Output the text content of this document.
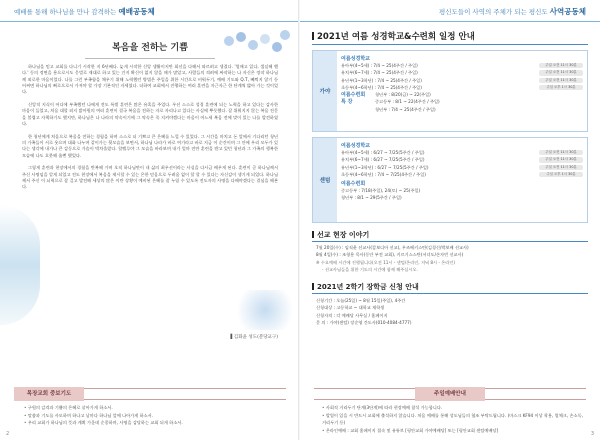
예배를 통해 하나님을 만나 감격하는 예배공동체
복음을 전하는 기쁨

하나님을 믿고 교회를 다니기 시작한 지 6년째다. 늦게 시작한 신앙 생활이지만 회선을 다해서 따르려고 생겼다. '열매고 읽다, 셀실해 했다.' 동의 정면을 용으로시도 웅벌로 재대로 하고 있는 건지 확신이 없지 않을 때가 많았고, 사람들의 격려에 짜작하는 나 자신은 정작 하나님께 외로한 마음이었다. 나를 그런 부족함을 채우기 위해 노력했던 방법은 주일을 위한 시간으로 비워두기, 예배 기도와 Q.T, 빼먹지 않기 등 어쩌면 하나님의 뻐로으로서 가져야 할 가장 기본적인 자세였다. 더하여 교회에서 진행하는 여러 훈련을 자근자근 한 단계씩 밟아 가는 것이었다.

신앙적 지식이 어디에 부족했던 나에게 전도 특별 훈련은 많은 유혹을 주었다. 우선 스스로 성경 훈련에 되는 노력을 하고 있다는 감사한 마음이 들었고, 처음 대할 외지 밝아원의 여러 훈련이 결국 복음을 전하는 자로 자리나고 있다는 사실에 뿌듯했다. 잘 위워지지 않는 복음 전문을 불렵고 자책하기도 했지만, 하나님은 나 나라의 약속이기에 그 약속은 꼭 지켜야겠다는 마음이 어느새 복음 전에 맞이 있는 나를 발견하였다.

한 청년에게 처음으로 복음을 전하는 경험을 하며 스스로 더 기쁘고 큰 은혜를 느낄 수 있었다. 그 시간을 마치고 돈 앞에서 기다리던 청년의 가족들이 서로 웃으며 대화 나누며 같이가는 뒷모습을 보면서, 하나님 나라가 바로 여기라고 바로 지금 이 순간이며 그 안에 우리 모두가 있다는 생각에 내가나 큰 감동으로 가슴이 벅차올랐다. 할렐루야 그 모습을 바라보며 내가 얼마 전만 훈련을 받고 있던 청년과 그 가족의 행복한 모습에 나도 흐뭇해 울뻔 했었다.

그렇게 훈련과 현장에서의 경험을 반복해 가며 오직 하나님만이 내 삶의 최우선이라는 사실을 다시금 배우게 된다. 훈련이 곧 하나님께서 주신 사명임을 알게 되었고 전도 현장에서 복음을 제시할 수 있는 은한 믿음으로 두려움 없이 할 할 수 있다는 자신감이 생기게 되었다. 하나님께서 주신 이 뇌력으로 잘 걸고 발전해 세상의 많은 이란 상황이 예비된 은혜를 잘 누릴 수 있도록 전도자의 사명을 다해야겠다는 결심을 해본다.

▌김화윤 성도(분당교구)
목장교회 중보기도
• 구원의 감격과 기쁨의 은혜로 살아가게 하소서.
• 말씀과 기도를 사모하며 하나고 날마다 하나님 앞에 나아가게 하소서.
• 우리 교회가 하나님의 뜻과 계획 가운데 순종하며, 사명을 감당하는 교회 되게 하소서.
2
평신도들이 사역의 주체가 되는 평신도 사역공동체
2021년 여름 성경학교&수련회 일정 안내
가야
여름성경학교
유아부(4~5세) : 7/4 ~ 25(4주간 / 주일)	주일 오전 11시 30분
유치부(6~7세) : 7/4 ~ 25(4주간 / 주일)	주일 오전 11시 30분
유년부(1~3학년) : 7/4 ~ 25(4주간 / 주일)	주일 오전 11시 30분
초등부(4~6학년) : 7/4 ~ 25(4주간 / 주일)	주일 오후 1시 30분
여름수련회 청년부 : 8/20(금) ~ 22(주일)
특 강	중고등부 : 8/1 ~ 22(4주간 / 주일)
청년부 : 7/4 ~ 25(4주간 / 주일)
센텀
여름성경학교
유아부(4~5세) : 6/27 ~ 7/25(5주간 / 주일)	주일 오전 11시 30분
유치부(6~7세) : 6/27 ~ 7/25(5주간 / 주일)	주일 오전 11시 30분
유년부(1~3학년) : 6/27 ~ 7/25(5주간 / 주일)	주일 오전 11시 30분
초등부(4~6학년) : 7/4 ~ 7/25(4주간 / 주일)	주일 오후 1시 30분
여름수련회
중고등부 : 7/18(주일), 24(토) ~ 25(주일)
청년부 : 8/1 ~ 29(5주간 / 주일)
선교 현장 이야기
7월 20일(수) : 임직윤 선교사(캄보디아 선교), 우즈베키스탄(김경신/박보배 선교사)
8월 4일(수) : 조형용 목사(동안 부전 교회), 키르기스스탄(서녀도/손자빈 선교사)
※ 수요예배 시간에 진행됩니다(오전 11시 - 센텀/온라인, 저녁 8시 - 온라인)
- 선교사님들을 위한 기도의 시간에 함께 해주십시오.
2021년 2학기 장학금 신청 안내
신청기간 : 오늘(25일) ~ 8월 15일(주일), 4주간
신청대상 : 고등학교 ~ 대학교 재학생
신청자격 : 각 예배당 사무실 / 홈페이지
문 의 : 가야(센텀) 장순영 간도사(010-4084-4777)
주일예배안내
• 사회적 거리두기 단계(3단계)에 따라 현장예배 참석 가능합니다.
• 발열이 있을 시 반드시 교회에 출석하지 않습니다. 처음 예배를 통해 성도님들의 협조 부탁드립니다. (마스크 KF94 이상 착용, 열체크, 손소독, 거리두기 등)
• 온라인예배 : 교회 홈페이지 접속 및 유튜브 [평안교회 가야예배당] 또는 [평안교회 센텀예배당]
3
